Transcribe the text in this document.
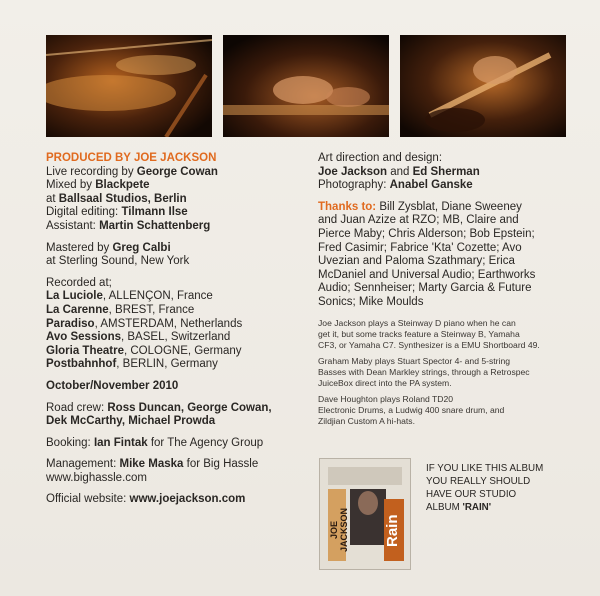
PRODUCED BY JOE JACKSON
Live recording by George Cowan
Mixed by Blackpete
at Ballsaal Studios, Berlin
Digital editing: Tilmann Ilse
Assistant: Martin Schattenberg
Mastered by Greg Calbi
at Sterling Sound, New York
Recorded at;
La Luciole, ALLENÇON, France
La Carenne, BREST, France
Paradiso, AMSTERDAM, Netherlands
Avo Sessions, BASEL, Switzerland
Gloria Theatre, COLOGNE, Germany
Postbahnhof, BERLIN, Germany
October/November 2010
Road crew: Ross Duncan, George Cowan,
Dek McCarthy, Michael Prowda
Booking: Ian Fintak for The Agency Group
Management: Mike Maska for Big Hassle
www.bighassle.com
Official website: www.joejackson.com
Art direction and design:
Joe Jackson and Ed Sherman
Photography: Anabel Ganske
Thanks to: Bill Zysblat, Diane Sweeney
and Juan Azize at RZO; MB, Claire and
Pierce Maby; Chris Alderson; Bob Epstein;
Fred Casimir; Fabrice 'Kta' Cozette; Avo
Uvezian and Paloma Szathmary; Erica
McDaniel and Universal Audio; Earthworks
Audio; Sennheiser; Marty Garcia & Future
Sonics; Mike Moulds
Joe Jackson plays a Steinway D piano when he can
get it, but some tracks feature a Steinway B, Yamaha
CF3, or Yamaha C7. Synthesizer is a EMU Shortboard 49.
Graham Maby plays Stuart Spector 4- and 5-string
Basses with Dean Markley strings, through a Retrospec
JuiceBox direct into the PA system.
Dave Houghton plays Roland TD20
Electronic Drums, a Ludwig 400 snare drum, and
Zildjian Custom A hi-hats.
JOE JACKSON Rain
IF YOU LIKE THIS ALBUM
YOU REALLY SHOULD
HAVE OUR STUDIO
ALBUM 'RAIN'
